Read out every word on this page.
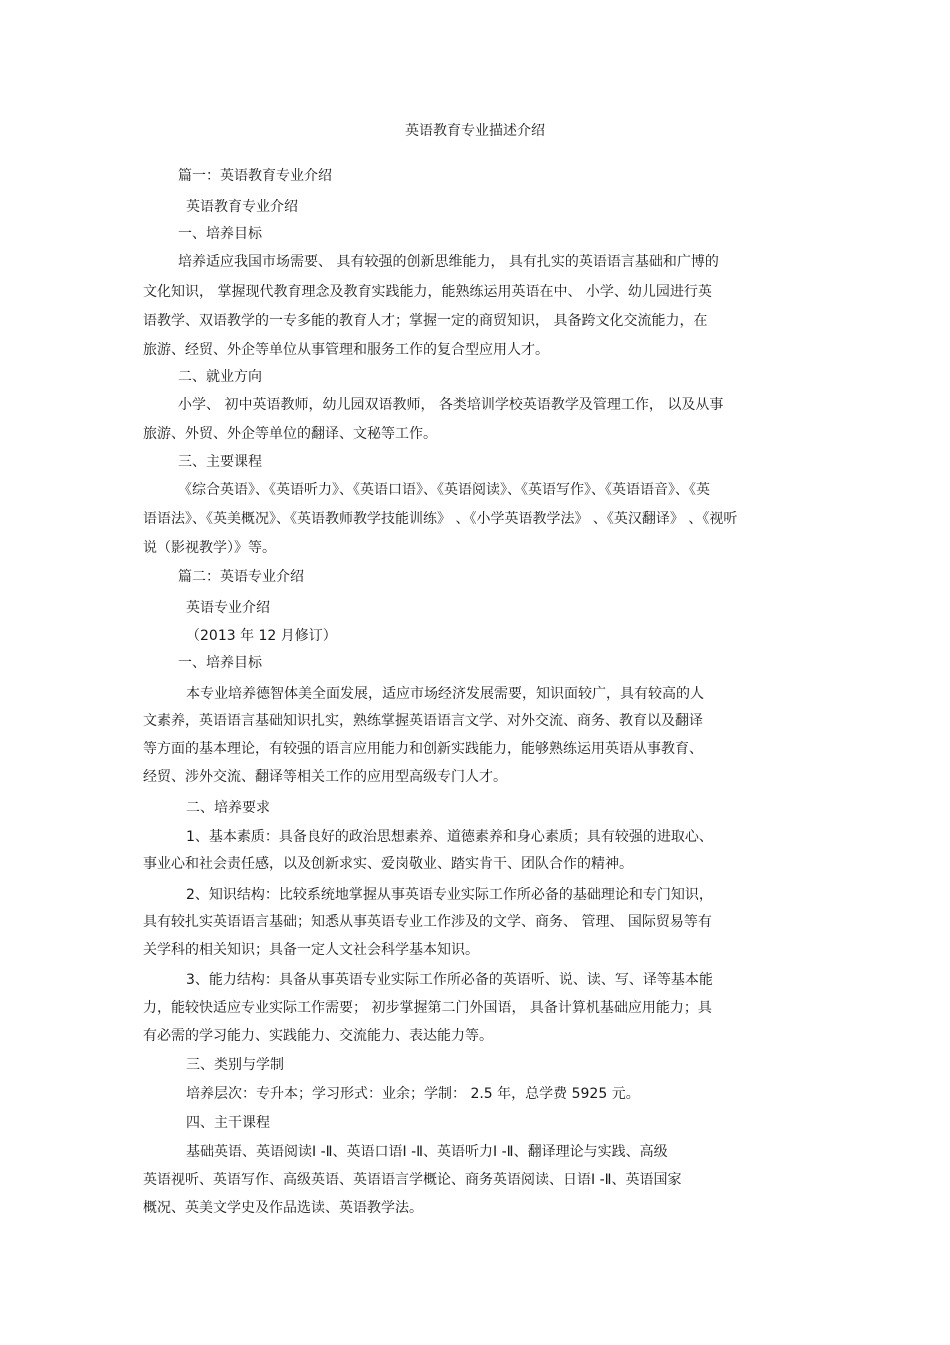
英语教育专业描述介绍
篇一：英语教育专业介绍
英语教育专业介绍
一、培养目标
培养适应我国市场需要、 具有较强的创新思维能力， 具有扎实的英语语言基础和广博的
文化知识， 掌握现代教育理念及教育实践能力，能熟练运用英语在中、 小学、幼儿园进行英
语教学、双语教学的一专多能的教育人才；掌握一定的商贸知识， 具备跨文化交流能力，在
旅游、经贸、外企等单位从事管理和服务工作的复合型应用人才。
二、就业方向
小学、 初中英语教师，幼儿园双语教师， 各类培训学校英语教学及管理工作， 以及从事
旅游、外贸、外企等单位的翻译、文秘等工作。
三、主要课程
《综合英语》、《英语听力》、《英语口语》、《英语阅读》、《英语写作》、《英语语音》、《英
语语法》、《英美概况》、《英语教师教学技能训练》 、《小学英语教学法》 、《英汉翻译》 、《视听
说（影视教学）》等。
篇二：英语专业介绍
英语专业介绍
（2013 年 12 月修订）
一、培养目标
本专业培养德智体美全面发展，适应市场经济发展需要，知识面较广，具有较高的人
文素养，英语语言基础知识扎实，熟练掌握英语语言文学、对外交流、商务、教育以及翻译
等方面的基本理论，有较强的语言应用能力和创新实践能力，能够熟练运用英语从事教育、
经贸、涉外交流、翻译等相关工作的应用型高级专门人才。
二、培养要求
1、基本素质：具备良好的政治思想素养、道德素养和身心素质；具有较强的进取心、
事业心和社会责任感，以及创新求实、爱岗敬业、踏实肯干、团队合作的精神。
2、知识结构：比较系统地掌握从事英语专业实际工作所必备的基础理论和专门知识，
具有较扎实英语语言基础；知悉从事英语专业工作涉及的文学、商务、 管理、 国际贸易等有
关学科的相关知识；具备一定人文社会科学基本知识。
3、能力结构：具备从事英语专业实际工作所必备的英语听、说、读、写、译等基本能
力，能较快适应专业实际工作需要； 初步掌握第二门外国语， 具备计算机基础应用能力；具
有必需的学习能力、实践能力、交流能力、表达能力等。
三、类别与学制
培养层次：专升本；学习形式：业余；学制： 2.5 年，总学费 5925 元。
四、主干课程
基础英语、英语阅读Ⅰ -Ⅱ、英语口语Ⅰ -Ⅱ、英语听力Ⅰ -Ⅱ、翻译理论与实践、高级
英语视听、英语写作、高级英语、英语语言学概论、商务英语阅读、日语Ⅰ -Ⅱ、英语国家
概况、英美文学史及作品选读、英语教学法。
